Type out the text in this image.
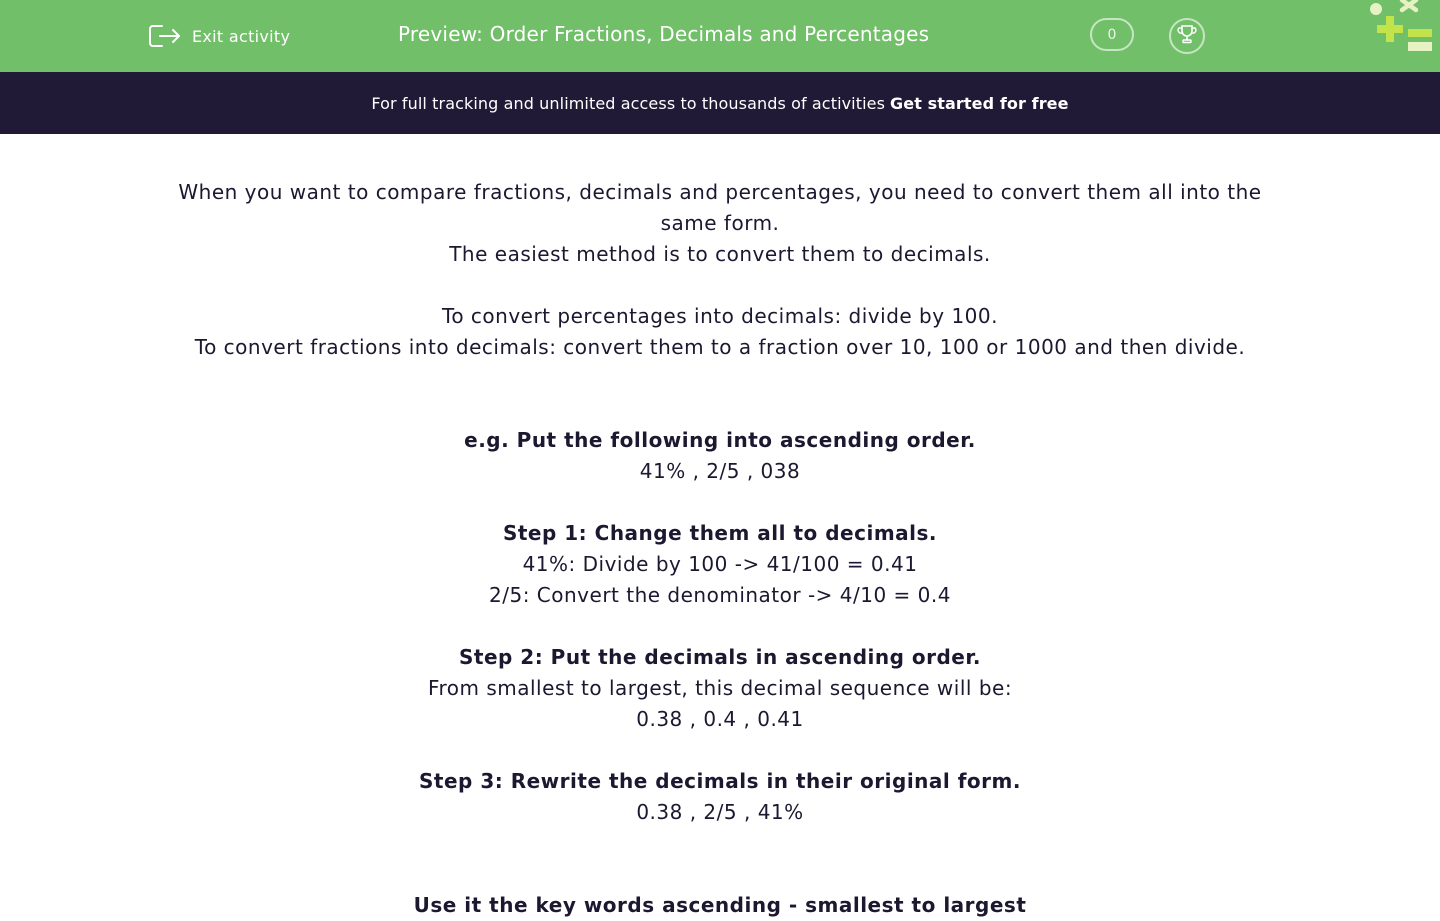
Exit activity	Preview: Order Fractions, Decimals and Percentages	0
For full tracking and unlimited access to thousands of activities Get started for free

When you want to compare fractions, decimals and percentages, you need to convert them all into the same form.

The easiest method is to convert them to decimals.

To convert percentages into decimals: divide by 100.

To convert fractions into decimals: convert them to a fraction over 10, 100 or 1000 and then divide.

e.g. Put the following into ascending order.

41% , 2/5 , 038

Step 1: Change them all to decimals.

41%: Divide by 100 -> 41/100 = 0.41

2/5: Convert the denominator -> 4/10 = 0.4

Step 2: Put the decimals in ascending order.

From smallest to largest, this decimal sequence will be:

0.38 , 0.4 , 0.41

Step 3: Rewrite the decimals in their original form.

0.38 , 2/5 , 41%

Use it the key words ascending - smallest to largest
